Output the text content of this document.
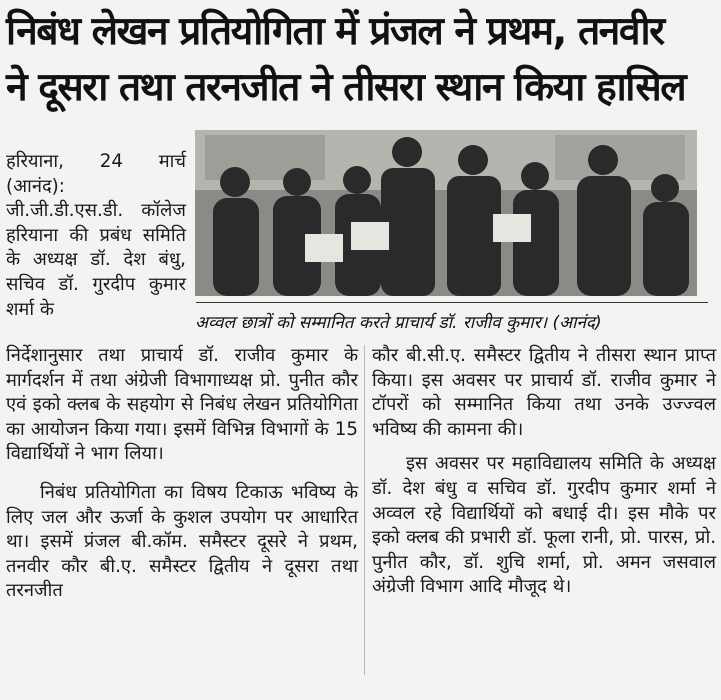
निबंध लेखन प्रतियोगिता में प्रंजल ने प्रथम, तनवीर
ने दूसरा तथा तरनजीत ने तीसरा स्थान किया हासिल

हरियाना, 24 मार्च (आनंद): जी.जी.डी.एस.डी. कॉलेज हरियाना की प्रबंध समिति के अध्यक्ष डॉ. देश बंधु, सचिव डॉ. गुरदीप कुमार शर्मा के

अव्वल छात्रों को सम्मानित करते प्राचार्य डॉ. राजीव कुमार। (आनंद)

निर्देशानुसार तथा प्राचार्य डॉ. राजीव कुमार के मार्गदर्शन में तथा अंग्रेजी विभागाध्यक्ष प्रो. पुनीत कौर एवं इको क्लब के सहयोग से निबंध लेखन प्रतियोगिता का आयोजन किया गया। इसमें विभिन्न विभागों के 15 विद्यार्थियों ने भाग लिया।

निबंध प्रतियोगिता का विषय टिकाऊ भविष्य के लिए जल और ऊर्जा के कुशल उपयोग पर आधारित था। इसमें प्रंजल बी.कॉम. समैस्टर दूसरे ने प्रथम, तनवीर कौर बी.ए. समैस्टर द्वितीय ने दूसरा तथा तरनजीत

कौर बी.सी.ए. समैस्टर द्वितीय ने तीसरा स्थान प्राप्त किया। इस अवसर पर प्राचार्य डॉ. राजीव कुमार ने टॉपरों को सम्मानित किया तथा उनके उज्ज्वल भविष्य की कामना की।

इस अवसर पर महाविद्यालय समिति के अध्यक्ष डॉ. देश बंधु व सचिव डॉ. गुरदीप कुमार शर्मा ने अव्वल रहे विद्यार्थियों को बधाई दी। इस मौके पर इको क्लब की प्रभारी डॉ. फूला रानी, प्रो. पारस, प्रो. पुनीत कौर, डॉ. शुचि शर्मा, प्रो. अमन जसवाल अंग्रेजी विभाग आदि मौजूद थे।
